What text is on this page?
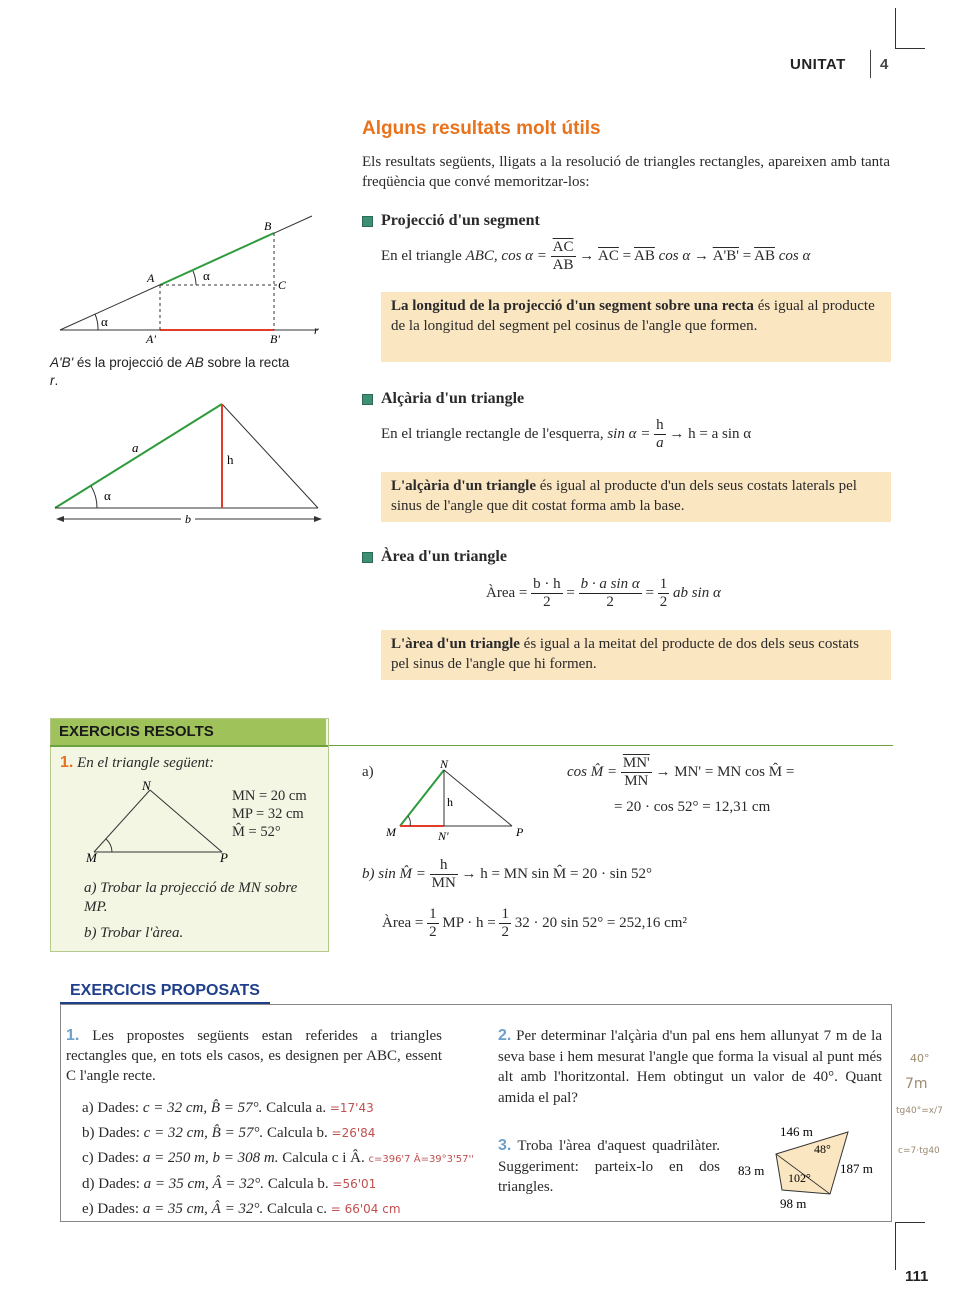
UNITAT 4
Alguns resultats molt útils
Els resultats següents, lligats a la resolució de triangles rectangles, apareixen amb tanta freqüència que convé memoritzar-los:
Projecció d'un segment
En el triangle ABC, $\cos \alpha = \frac{\overline{AC}}{AB} \to \overline{AC} = \overline{AB}$ $\cos \alpha \to A'B' = \overline{AB}$ cos α
La longitud de la projecció d'un segment sobre una recta és igual al producte de la longitud del segment pel cosinus de l'angle que formen.
Alçària d'un triangle
En el triangle rectangle de l'esquerra, $\sin \alpha = \frac{h}{a} \to h = a$ sin α
L'alçària d'un triangle és igual al producte d'un dels seus costats laterals pel sinus de l'angle que dit costat forma amb la base.
Àrea d'un triangle
Àrea = $\frac{b \cdot h}{2} = \frac{\text{b · a sin α}}{2} = \frac{1}{2}$ ab sin α
L'àrea d'un triangle és igual a la meitat del producte de dos dels seus costats pel sinus de l'angle que hi formen.
B
A	α
C
α
A'	B'
r
A'B' és la projecció de AB sobre la recta r.
a
h
α
b
EXERCICIS RESOLTS
1. En el triangle següent:
N
M	P
MN = 20 cm
MP = 32 cm
M̂ = 52°
a) Trobar la projecció de MN sobre MP.
b) Trobar l'àrea.
a)	N
h
M	N'	P
cos M̂ = $\frac{MN'}{MN} \to MN'$ = MN cos M̂ =
= 20 · cos 52° = 12,31 cm
b) sin M̂ = $\frac{h}{MN} \to h$ = MN sin M̂ = 20 · sin 52°
Àrea = $\frac{1}{2}$ MP · $h = \frac{1}{2} 32 \cdot 20$ sin 52° = 252,16 cm²
EXERCICIS PROPOSATS
1. Les propostes següents estan referides a triangles rectangles que, en tots els casos, es designen per ABC, essent C l'angle recte.
a) Dades: c = 32 cm, B̂ = 57°. Calcula a. =17'43
b) Dades: c = 32 cm, B̂ = 57°. Calcula b. =26'84
c) Dades: a = 250 m, b = 308 m. Calcula c i Â. c=396'7 Â=39°3'57''
d) Dades: a = 35 cm, Â = 32°. Calcula b. =56'01
e) Dades: a = 35 cm, Â = 32°. Calcula c. = 66'04 cm
2. Per determinar l'alçària d'un pal ens hem allunyat 7 m de la seva base i hem mesurat l'angle que forma la visual al punt més alt amb l'horitzontal. Hem obtingut un valor de 40°. Quant amida el pal?
3. Troba l'àrea d'aquest quadrilàter. Suggeriment: parteix-lo en dos triangles.
146 m
48°
83 m 102°
187 m
98 m
40°
7m
tg40°=x/7
c=7·tg40
111
